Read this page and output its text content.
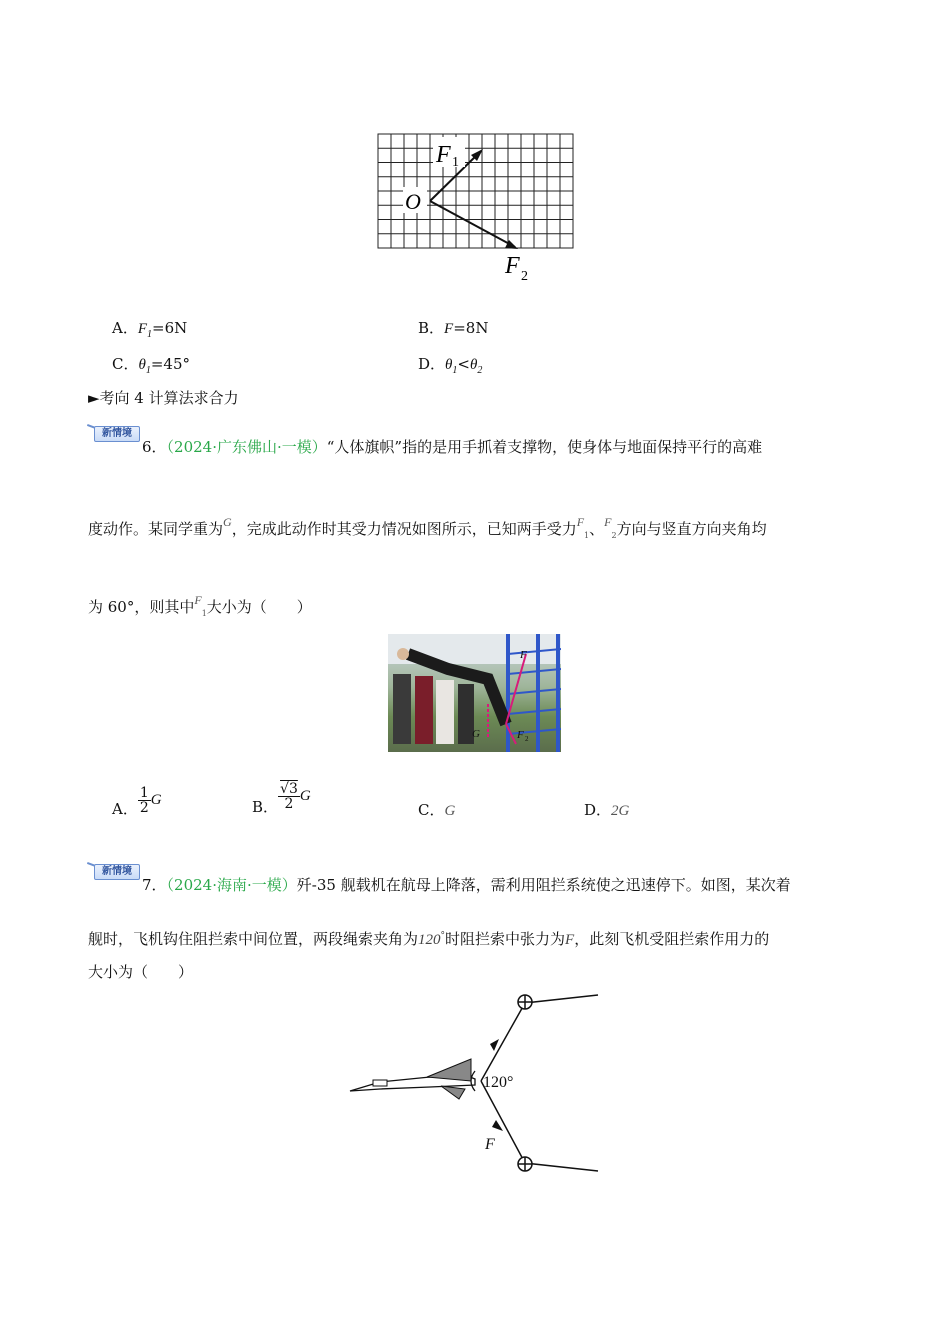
F 1
O
F 2
A．$F_1=6N$	B．F=8N
C．$\theta_1=45^\circ$	D．$\theta_1<\theta_2$
►考向 4 计算法求合力
新情境
6．（2024·广东佛山·一模）“人体旗帜”指的是用手抓着支撑物，使身体与地面保持平行的高难
度动作。某同学重为$^G$，完成此动作时其受力情况如图所示，已知两手受力$^F_1$、$^F_2$方向与竖直方向夹角均
为 60°，则其中$^F_1$大小为（　　）
F
F 2
G
A． $\frac{1}{2}$ G	B． $\frac{√3}{2}$ G
C．G	D．2G
新情境
7．（2024·海南·一模）歼-35 舰载机在航母上降落，需利用阻拦系统使之迅速停下。如图，某次着
舰时，飞机钩住阻拦索中间位置，两段绳索夹角为120°时阻拦索中张力为F，此刻飞机受阻拦索作用力的
大小为（　　）
120°
F
